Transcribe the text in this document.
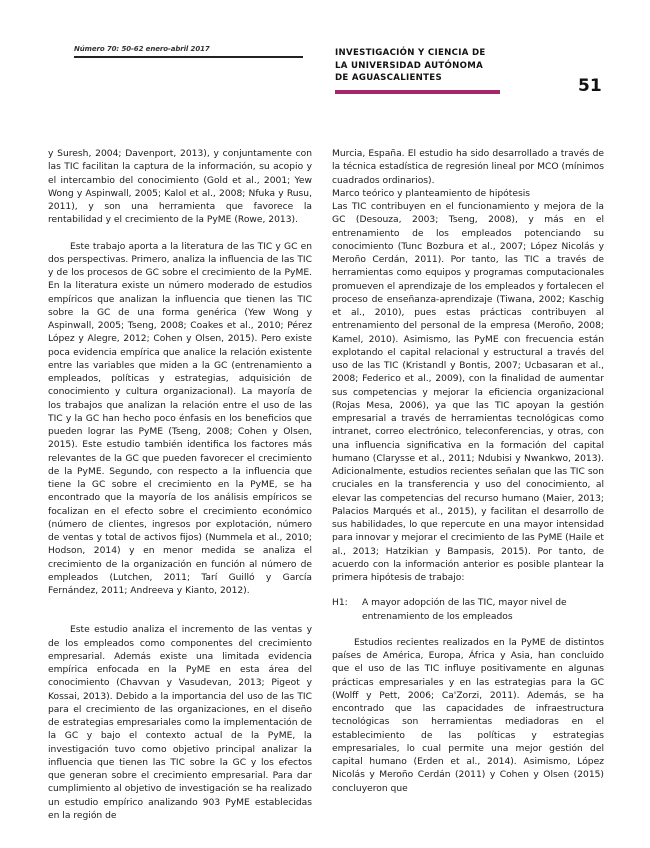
Número 70: 50-62 enero-abril 2017	INVESTIGACIÓN Y CIENCIA DE
LA UNIVERSIDAD AUTÓNOMA
DE AGUASCALIENTES	51

y Suresh, 2004; Davenport, 2013), y conjuntamente con las TIC facilitan la captura de la información, su acopio y el intercambio del conocimiento (Gold et al., 2001; Yew Wong y Aspinwall, 2005; Kalol et al., 2008; Nfuka y Rusu, 2011), y son una herramienta que favorece la rentabilidad y el crecimiento de la PyME (Rowe, 2013).

Este trabajo aporta a la literatura de las TIC y GC en dos perspectivas. Primero, analiza la influencia de las TIC y de los procesos de GC sobre el crecimiento de la PyME. En la literatura existe un número moderado de estudios empíricos que analizan la influencia que tienen las TIC sobre la GC de una forma genérica (Yew Wong y Aspinwall, 2005; Tseng, 2008; Coakes et al., 2010; Pérez López y Alegre, 2012; Cohen y Olsen, 2015). Pero existe poca evidencia empírica que analice la relación existente entre las variables que miden a la GC (entrenamiento a empleados, políticas y estrategias, adquisición de conocimiento y cultura organizacional). La mayoría de los trabajos que analizan la relación entre el uso de las TIC y la GC han hecho poco énfasis en los beneficios que pueden lograr las PyME (Tseng, 2008; Cohen y Olsen, 2015). Este estudio también identifica los factores más relevantes de la GC que pueden favorecer el crecimiento de la PyME. Segundo, con respecto a la influencia que tiene la GC sobre el crecimiento en la PyME, se ha encontrado que la mayoría de los análisis empíricos se focalizan en el efecto sobre el crecimiento económico (número de clientes, ingresos por explotación, número de ventas y total de activos fijos) (Nummela et al., 2010; Hodson, 2014) y en menor medida se analiza el crecimiento de la organización en función al número de empleados (Lutchen, 2011; Tarí Guilló y García Fernández, 2011; Andreeva y Kianto, 2012).

Este estudio analiza el incremento de las ventas y de los empleados como componentes del crecimiento empresarial. Además existe una limitada evidencia empírica enfocada en la PyME en esta área del conocimiento (Chavvan y Vasudevan, 2013; Pigeot y Kossai, 2013). Debido a la importancia del uso de las TIC para el crecimiento de las organizaciones, en el diseño de estrategias empresariales como la implementación de la GC y bajo el contexto actual de la PyME, la investigación tuvo como objetivo principal analizar la influencia que tienen las TIC sobre la GC y los efectos que generan sobre el crecimiento empresarial. Para dar cumplimiento al objetivo de investigación se ha realizado un estudio empírico analizando 903 PyME establecidas en la región de

Murcia, España. El estudio ha sido desarrollado a través de la técnica estadística de regresión lineal por MCO (mínimos cuadrados ordinarios).

Marco teórico y planteamiento de hipótesis

Las TIC contribuyen en el funcionamiento y mejora de la GC (Desouza, 2003; Tseng, 2008), y más en el entrenamiento de los empleados potenciando su conocimiento (Tunc Bozbura et al., 2007; López Nicolás y Meroño Cerdán, 2011). Por tanto, las TIC a través de herramientas como equipos y programas computacionales promueven el aprendizaje de los empleados y fortalecen el proceso de enseñanza-aprendizaje (Tiwana, 2002; Kaschig et al., 2010), pues estas prácticas contribuyen al entrenamiento del personal de la empresa (Meroño, 2008; Kamel, 2010). Asimismo, las PyME con frecuencia están explotando el capital relacional y estructural a través del uso de las TIC (Kristandl y Bontis, 2007; Ucbasaran et al., 2008; Federico et al., 2009), con la finalidad de aumentar sus competencias y mejorar la eficiencia organizacional (Rojas Mesa, 2006), ya que las TIC apoyan la gestión empresarial a través de herramientas tecnológicas como intranet, correo electrónico, teleconferencias, y otras, con una influencia significativa en la formación del capital humano (Clarysse et al., 2011; Ndubisi y Nwankwo, 2013). Adicionalmente, estudios recientes señalan que las TIC son cruciales en la transferencia y uso del conocimiento, al elevar las competencias del recurso humano (Maier, 2013; Palacios Marqués et al., 2015), y facilitan el desarrollo de sus habilidades, lo que repercute en una mayor intensidad para innovar y mejorar el crecimiento de las PyME (Haile et al., 2013; Hatzikian y Bampasis, 2015). Por tanto, de acuerdo con la información anterior es posible plantear la primera hipótesis de trabajo:

H1:	A mayor adopción de las TIC, mayor nivel de entrenamiento de los empleados

Estudios recientes realizados en la PyME de distintos países de América, Europa, África y Asia, han concluido que el uso de las TIC influye positivamente en algunas prácticas empresariales y en las estrategias para la GC (Wolff y Pett, 2006; Ca'Zorzi, 2011). Además, se ha encontrado que las capacidades de infraestructura tecnológicas son herramientas mediadoras en el establecimiento de las políticas y estrategias empresariales, lo cual permite una mejor gestión del capital humano (Erden et al., 2014). Asimismo, López Nicolás y Meroño Cerdán (2011) y Cohen y Olsen (2015) concluyeron que
